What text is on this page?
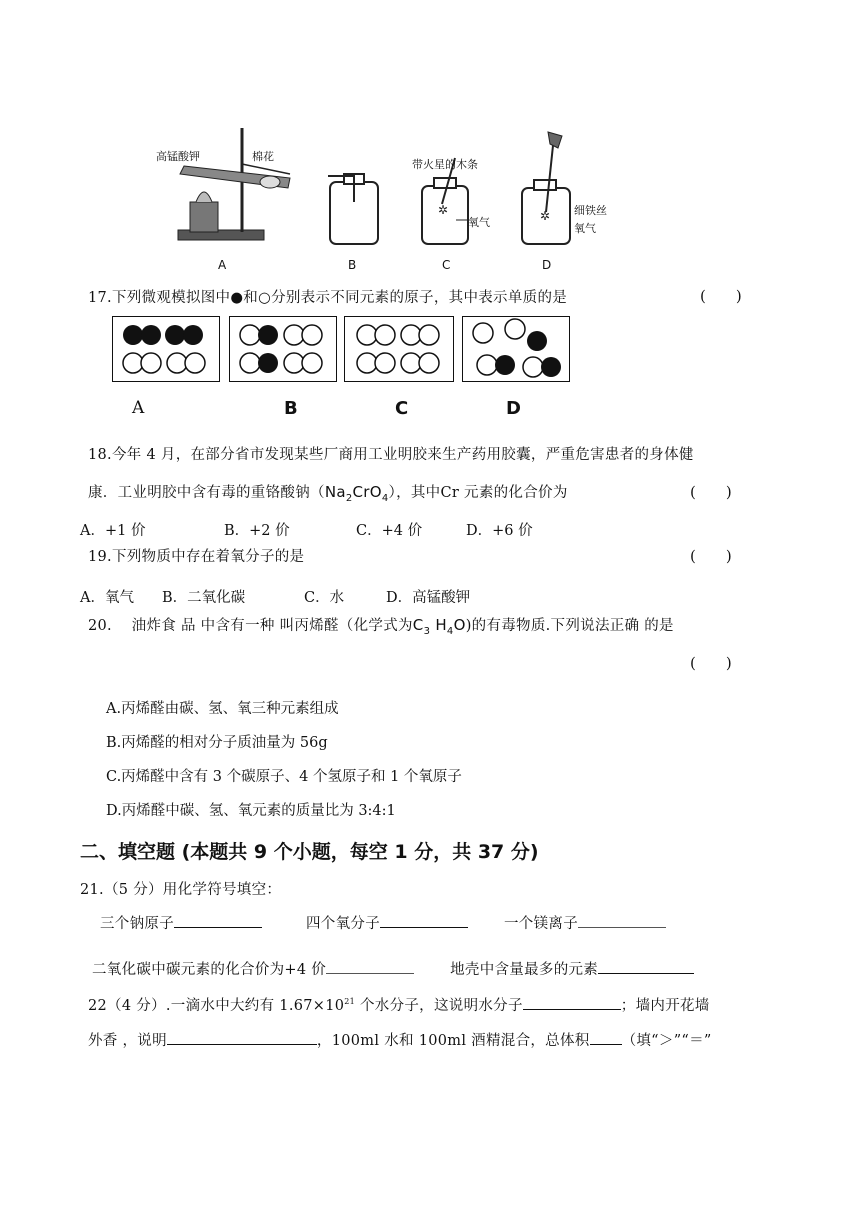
✲	✲
高锰酸钾	棉花
带火星的木条
氧气
细铁丝
氧气
A	B	C	D
17.下列微观模拟图中●和○分别表示不同元素的原子，其中表示单质的是	(　　)
A	B	C	D
18.今年 4 月，在部分省市发现某些厂商用工业明胶来生产药用胶囊，严重危害患者的身体健
康．工业明胶中含有毒的重铬酸钠$(Na_2CrO_4)$，其中Cr 元素的化合价为	(　　)
A．+1 价	B．+2 价	C．+4 价	D．+6 价
19.下列物质中存在着氧分子的是	(　　)
A．氧气 B．二氧化碳	C．水	D．高锰酸钾
20.　 油炸食 品 中含有一种 叫丙烯醛（化学式为$C_3$ $H_4O$)的有毒物质.下列说法正确 的是
(　　)
A.丙烯醛由碳、氢、氧三种元素组成
B.丙烯醛的相对分子质油量为 56g
C.丙烯醛中含有 3 个碳原子、4 个氢原子和 1 个氧原子
D.丙烯醛中碳、氢、氧元素的质量比为 3:4:1
二、填空题 (本题共 9 个小题，每空 1 分，共 37 分)
21.（5 分）用化学符号填空：
三个钠原子	四个氧分子	一个镁离子
二氧化碳中碳元素的化合价为+4 价	地壳中含量最多的元素
22（4 分）.一滴水中大约有 $1.67\times 10^{21}$ 个水分子，这说明水分子	；墙内开花墙
外香 ，说明	，100ml 水和 100ml 酒精混合，总体积 （填“＞”“＝”
